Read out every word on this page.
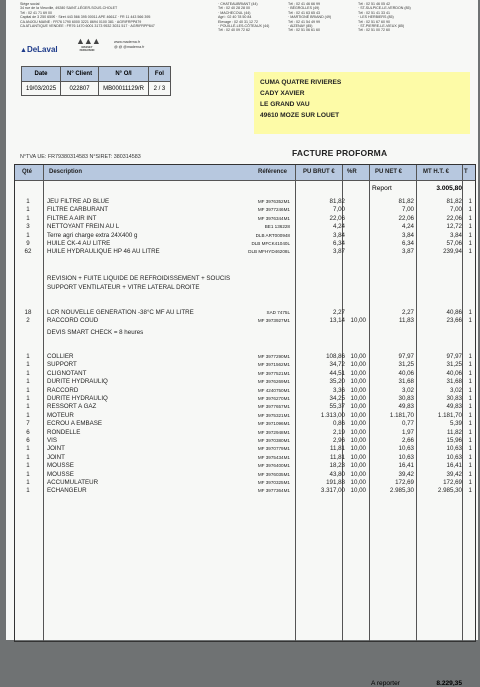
Siège social
34 rue de la Vieuville, 49280 SAINT-LÉGER-SOUS-CHOLET
Tél : 02 41 71 69 00
Capital de 3 250 650€ · Siret 443 566 395 00011 APE 4661Z · FR 11 443 566 395
CA ANJOU MAINE : FR76 1790 6000 3221 8694 0100 381 · AGRIFRPP879
CA ATLANTIQUE VENDEE : FR76 1470 6001 3173 9532 3031 517 · AGRIFRPP847
· CHATEAUBRIANT (44)
Tél : 02 40 28 28 00
· MACHECOUL (44)
Agri : 02 40 78 50 84
Elevage : 02 40 31 12 72
· POUILLÉ-LES-CÔTEAUX (44)
Tél : 02 40 09 72 62
Tél : 02 41 46 66 99
· BÉGROLLES (49)
Tél : 02 41 63 65 43
· MARTIGNÉ BRIAND (49)
Tél : 02 41 54 49 99
· AIZENAY (85)
Tél : 02 51 06 61 60
Tél : 02 51 46 05 42
· ST-SULPICE-LE-VERDON (85)
Tél : 02 51 41 33 41
· LES HERBIERS (85)
Tél : 02 51 67 60 90
· ST-PIERRE-LE-VIEUX (85)
Tél : 02 51 00 72 60
▲DeLaval
▲▲▲
MASSEY FERGUSON
www.maderna.fr
@ @ @maderna.fr
Date	N° Client	N° O/I	Fol
19/03/2025	022807	MB00011129/R	2 / 3
CUMA QUATRE RIVIERES
CADY XAVIER
LE GRAND VAU
49610 MOZE SUR LOUET
N°TVA UE: FR79380314583 N°SIRET: 380314583	FACTURE PROFORMA
Qté	Description	Référence	PU BRUT € %R	PU NET €	MT H.T. € T
Report	3.005,80
REVISION + FUITE LIQUIDE DE REFROIDISSEMENT + SOUCIS
SUPPORT VENTILATEUR + VITRE LATERAL DROITE
DEVIS SMART CHECK = 8 heures
A reporter	8.229,35
1	JEU FILTRE AD BLUE	MF 3976352M1	81,82	81,82	81,82 1
1	FILTRE CARBURANT	MF 3977246M1	7,00	7,00	7,00 1
1	FILTRE A AIR INT	MF 3976344M1	22,06	22,06	22,06 1
3	NETTOYANT FREIN AU L	BE1 136228	4,24	4,24	12,72 1
1	Terre agri charge extra 24X400 g	DLB ART000948	3,84	3,84	3,84 1
9	HUILE CK-4 AU LITRE	DLB MFCK41040L	6,34	6,34	57,06 1
62	HUILE HYDRAULIQUE HP 46 AU LITRE	DLB MFHYD46208L	3,87	3,87	239,94 1
18	LCR NOUVELLE GENERATION -38°C MF AU LITRE	SAD 7475L	2,27	2,27	40,86 1
2	RACCORD COUD	MF 3973927M1	13,14 10,00	11,83	23,66 1
1	COLLIER	MF 3977290M1	108,86 10,00	97,97	97,97 1
1	SUPPORT	MF 3971562M1	34,72 10,00	31,25	31,25 1
1	CLIGNOTANT	MF 3977521M1	44,51 10,00	40,06	40,06 1
1	DURITE HYDRAULIQ	MF 3976269M1	35,20 10,00	31,68	31,68 1
1	RACCORD	MF 4240750M1	3,36 10,00	3,02	3,02 1
1	DURITE HYDRAULIQ	MF 3976270M1	34,25 10,00	30,83	30,83 1
1	RESSORT A GAZ	MF 3977657M1	55,37 10,00	49,83	49,83 1
1	MOTEUR	MF 3975321M1	1.313,00 10,00	1.181,70	1.181,70 1
7	ECROU A EMBASE	MF 3971096M1	0,86 10,00	0,77	5,39 1
6	RONDELLE	MF 3972948M1	2,19 10,00	1,97	11,82 1
6	VIS	MF 3970380M1	2,96 10,00	2,66	15,96 1
1	JOINT	MF 3970779M1	11,81 10,00	10,63	10,63 1
1	JOINT	MF 3975434M1	11,81 10,00	10,63	10,63 1
1	MOUSSE	MF 3976400M1	18,23 10,00	16,41	16,41 1
1	MOUSSE	MF 3976035M1	43,80 10,00	39,42	39,42 1
1	ACCUMULATEUR	MF 3970325M1	191,88 10,00	172,69	172,69 1
1	ECHANGEUR	MF 3977364M1	3.317,00 10,00	2.985,30	2.985,30 1
